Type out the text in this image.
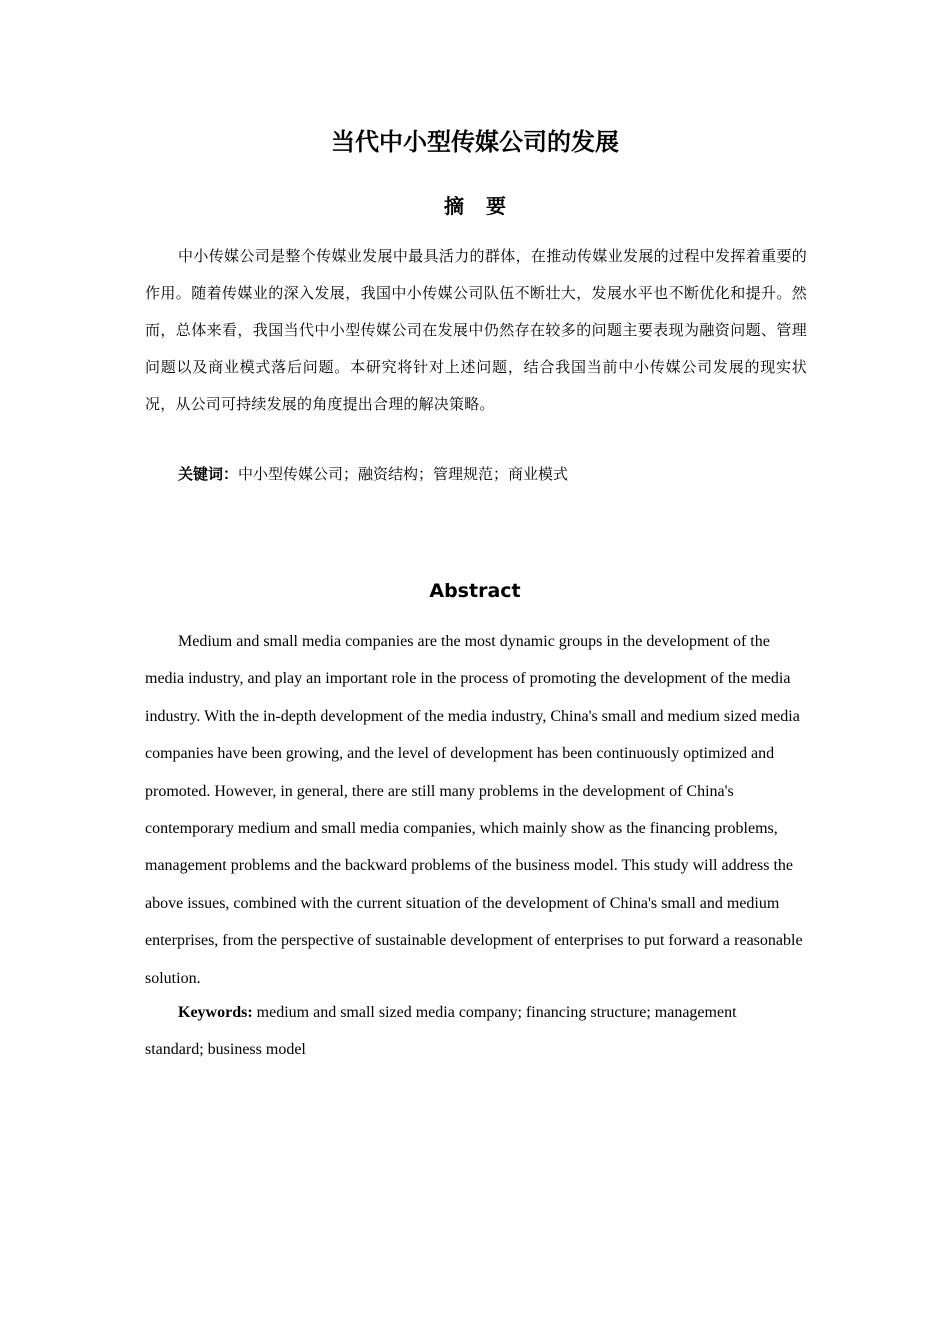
当代中小型传媒公司的发展
摘要

中小传媒公司是整个传媒业发展中最具活力的群体，在推动传媒业发展的过程中发挥着重要的作用。随着传媒业的深入发展，我国中小传媒公司队伍不断壮大，发展水平也不断优化和提升。然而，总体来看，我国当代中小型传媒公司在发展中仍然存在较多的问题主要表现为融资问题、管理问题以及商业模式落后问题。本研究将针对上述问题，结合我国当前中小传媒公司发展的现实状况，从公司可持续发展的角度提出合理的解决策略。

关键词：中小型传媒公司；融资结构；管理规范；商业模式

Abstract

Medium and small media companies are the most dynamic groups in the development of the media industry, and play an important role in the process of promoting the development of the media industry. With the in-depth development of the media industry, China's small and medium sized media companies have been growing, and the level of development has been continuously optimized and promoted. However, in general, there are still many problems in the development of China's contemporary medium and small media companies, which mainly show as the financing problems, management problems and the backward problems of the business model. This study will address the above issues, combined with the current situation of the development of China's small and medium enterprises, from the perspective of sustainable development of enterprises to put forward a reasonable solution.

Keywords: medium and small sized media company; financing structure; management standard; business model
